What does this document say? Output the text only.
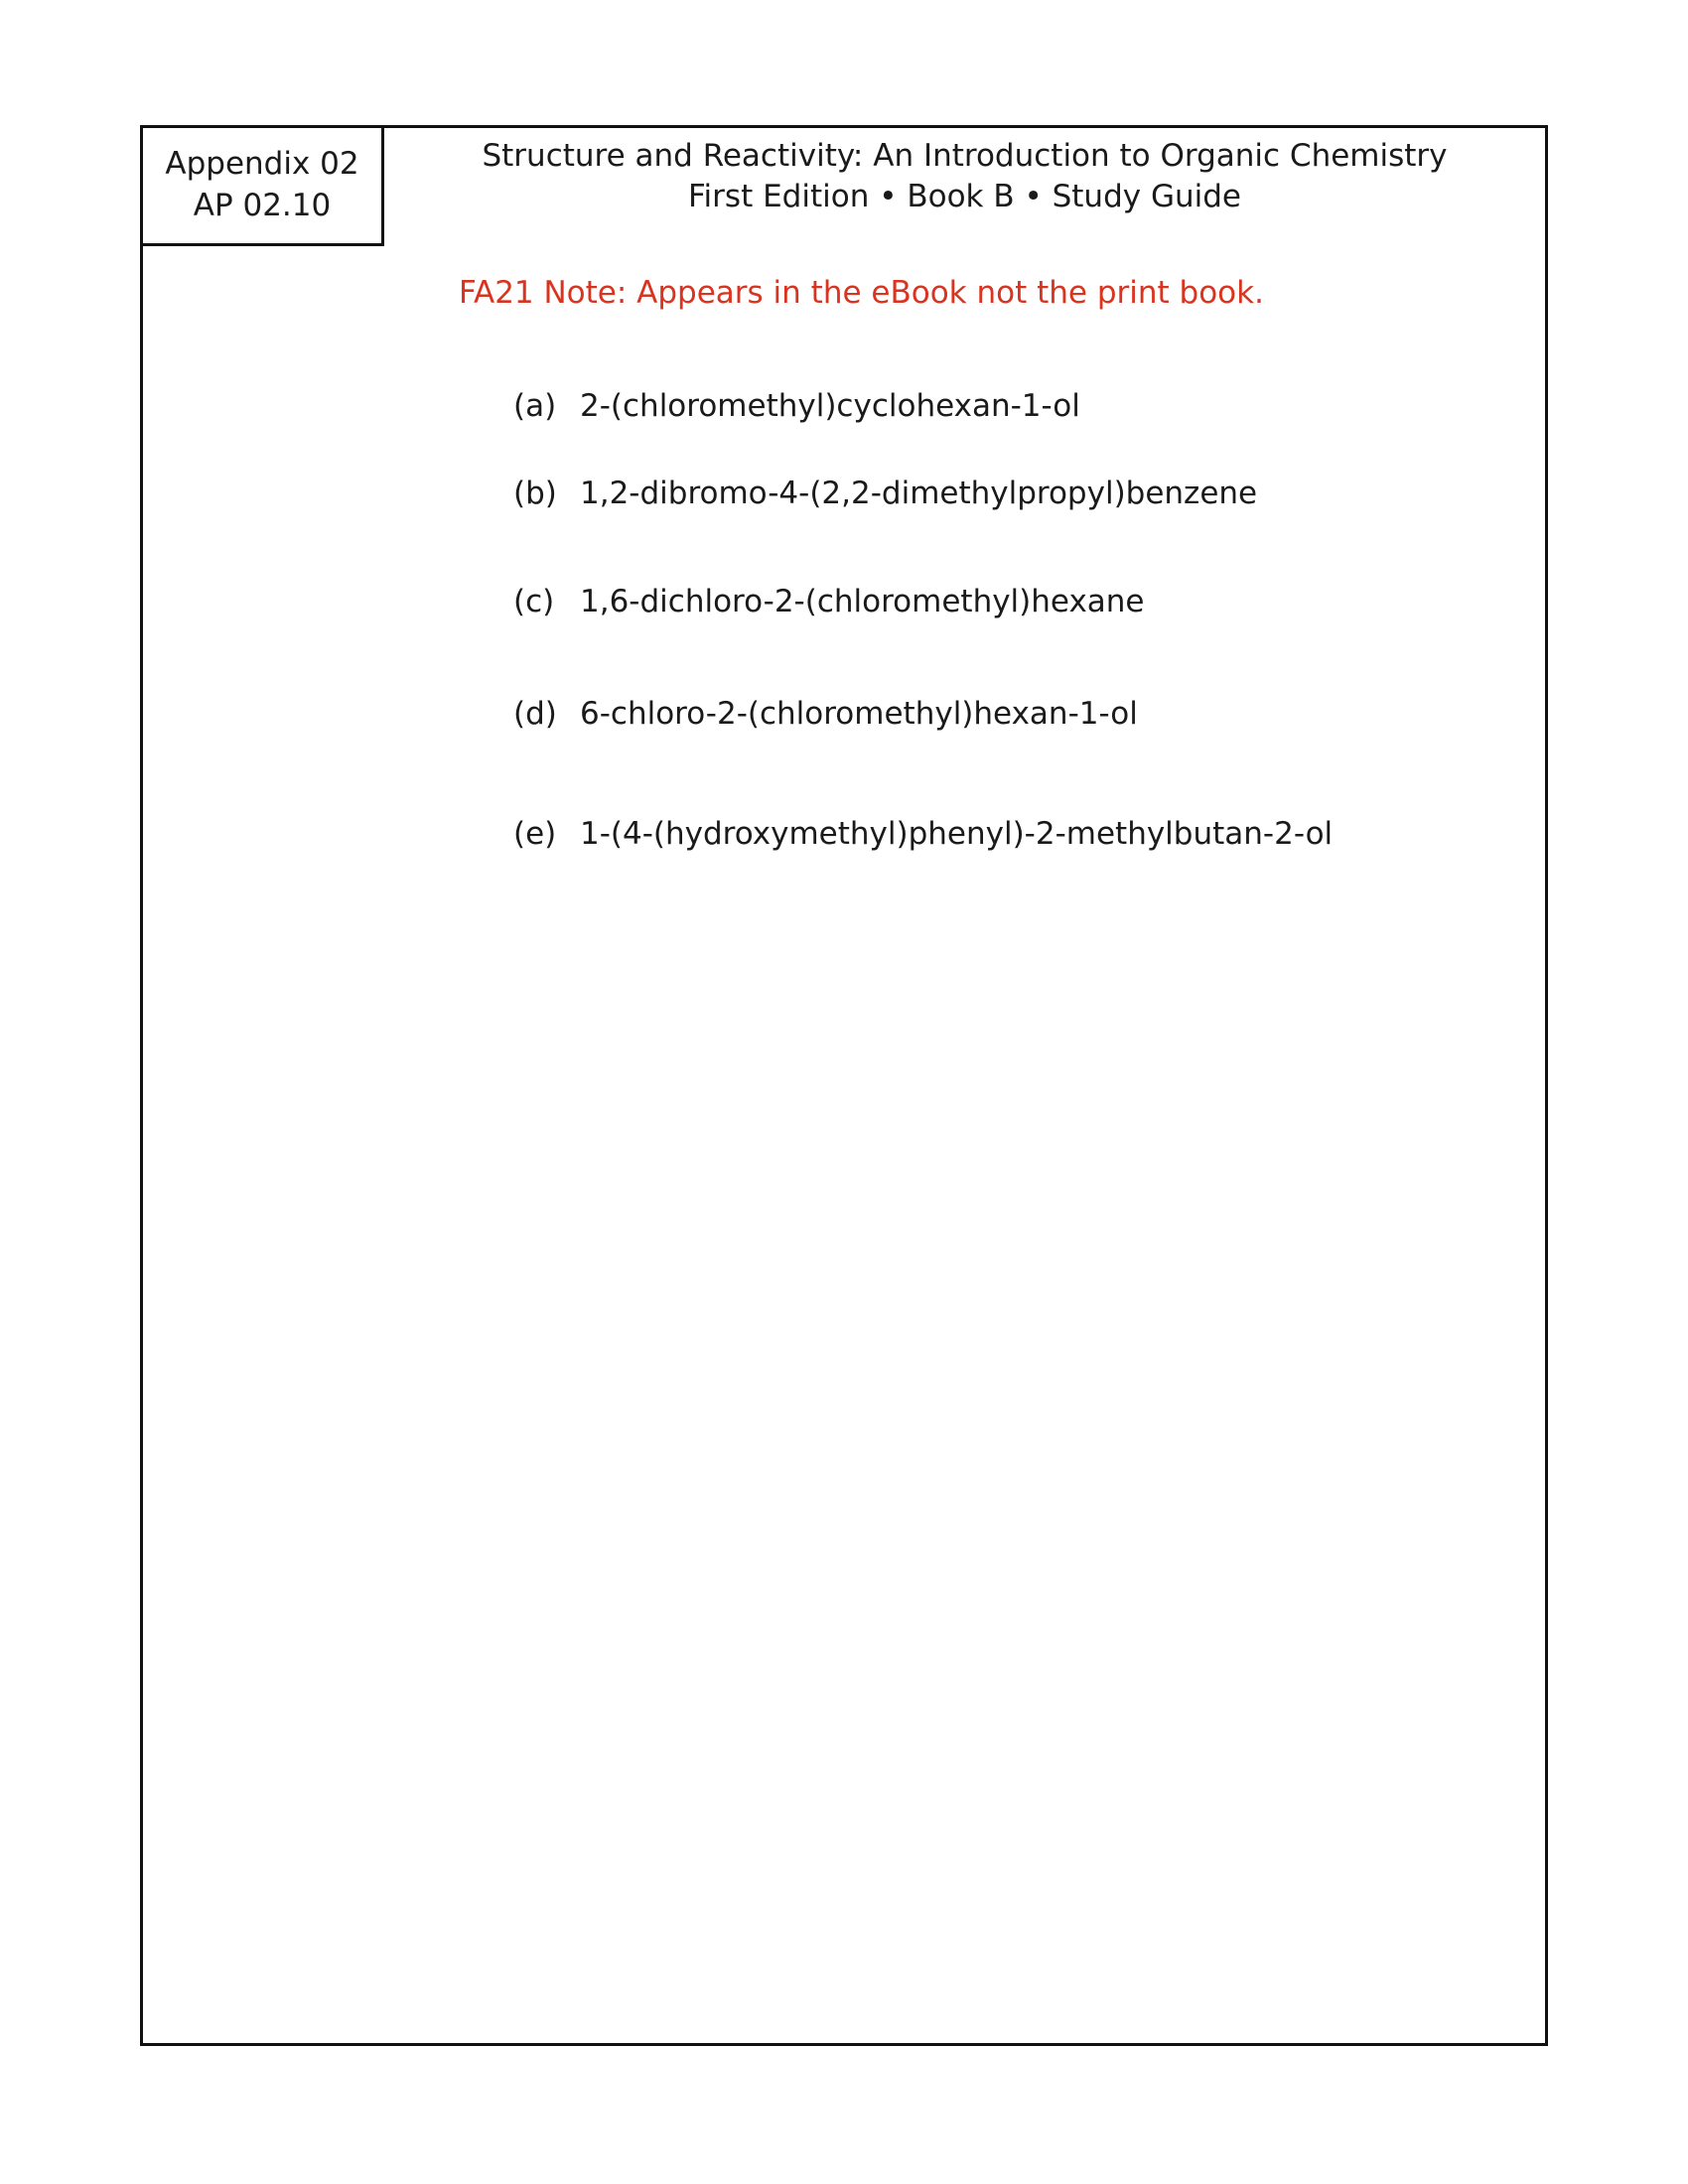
Appendix 02
AP 02.10
Structure and Reactivity: An Introduction to Organic Chemistry
First Edition • Book B • Study Guide
FA21 Note: Appears in the eBook not the print book.
(a) 2-(chloromethyl)cyclohexan-1-ol
(b) 1,2-dibromo-4-(2,2-dimethylpropyl)benzene
(c) 1,6-dichloro-2-(chloromethyl)hexane
(d) 6-chloro-2-(chloromethyl)hexan-1-ol
(e) 1-(4-(hydroxymethyl)phenyl)-2-methylbutan-2-ol
